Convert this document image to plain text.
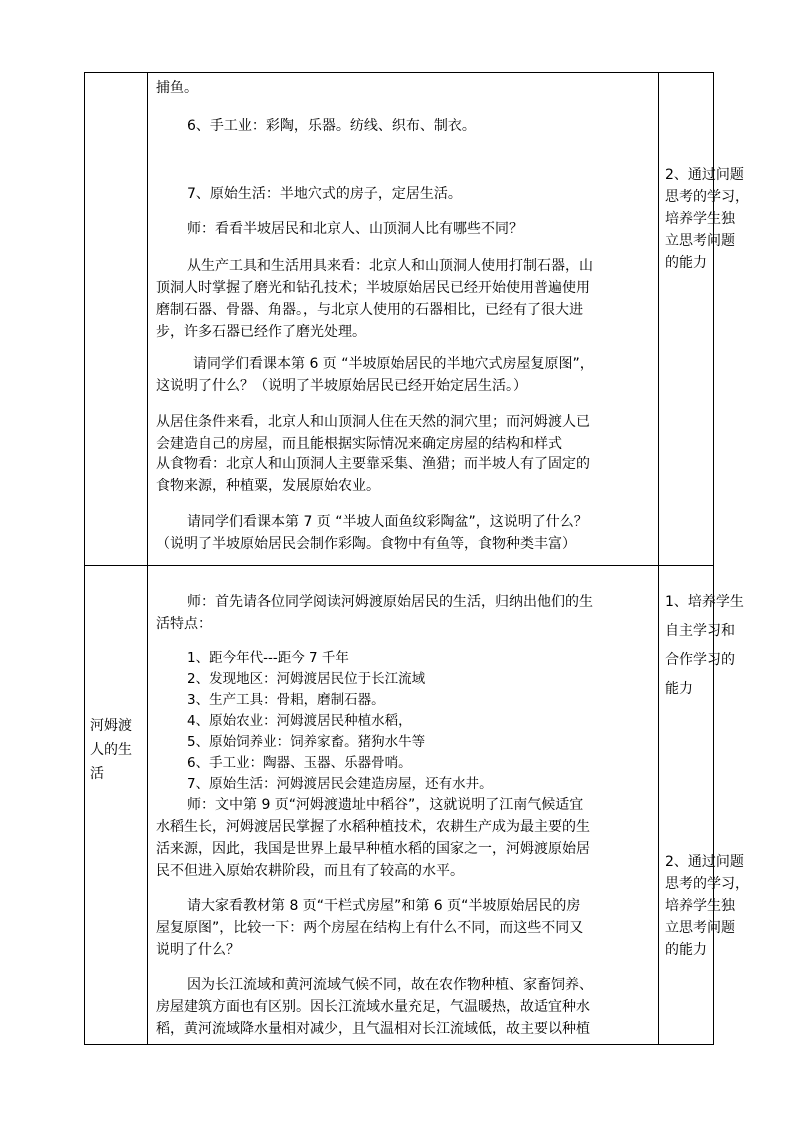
捕鱼。

6、手工业：彩陶，乐器。纺线、织布、制衣。

7、原始生活：半地穴式的房子，定居生活。

师：看看半坡居民和北京人、山顶洞人比有哪些不同？

从生产工具和生活用具来看：北京人和山顶洞人使用打制石器，山

顶洞人时掌握了磨光和钻孔技术；半坡原始居民已经开始使用普遍使用

磨制石器、骨器、角器。，与北京人使用的石器相比，已经有了很大进

步，许多石器已经作了磨光处理。

请同学们看课本第 6 页 “半坡原始居民的半地穴式房屋复原图”，

这说明了什么？（说明了半坡原始居民已经开始定居生活。）

从居住条件来看，北京人和山顶洞人住在天然的洞穴里；而河姆渡人已

会建造自己的房屋，而且能根据实际情况来确定房屋的结构和样式

从食物看：北京人和山顶洞人主要靠采集、渔猎；而半坡人有了固定的

食物来源，种植粟，发展原始农业。

请同学们看课本第 7 页 “半坡人面鱼纹彩陶盆”，这说明了什么？

（说明了半坡原始居民会制作彩陶。食物中有鱼等，食物种类丰富）

2、通过问题

思考的学习，

培养学生独

立思考问题

的能力

河姆渡

人的生

活

师：首先请各位同学阅读河姆渡原始居民的生活，归纳出他们的生

活特点：

1、距今年代---距今 7 千年

2、发现地区：河姆渡居民位于长江流域

3、生产工具：骨耜，磨制石器。

4、原始农业：河姆渡居民种植水稻，

5、原始饲养业：饲养家畜。猪狗水牛等

6、手工业：陶器、玉器、乐器骨哨。

7、原始生活：河姆渡居民会建造房屋，还有水井。

师：文中第 9 页“河姆渡遗址中稻谷”，这就说明了江南气候适宜

水稻生长，河姆渡居民掌握了水稻种植技术，农耕生产成为最主要的生

活来源，因此，我国是世界上最早种植水稻的国家之一，河姆渡原始居

民不但进入原始农耕阶段，而且有了较高的水平。

请大家看教材第 8 页“干栏式房屋”和第 6 页“半坡原始居民的房

屋复原图”，比较一下：两个房屋在结构上有什么不同，而这些不同又

说明了什么？

因为长江流域和黄河流域气候不同，故在农作物种植、家畜饲养、

房屋建筑方面也有区别。因长江流域水量充足，气温暖热，故适宜种水

稻，黄河流域降水量相对减少，且气温相对长江流域低，故主要以种植

1、培养学生

自主学习和

合作学习的

能力

2、通过问题

思考的学习，

培养学生独

立思考问题

的能力
